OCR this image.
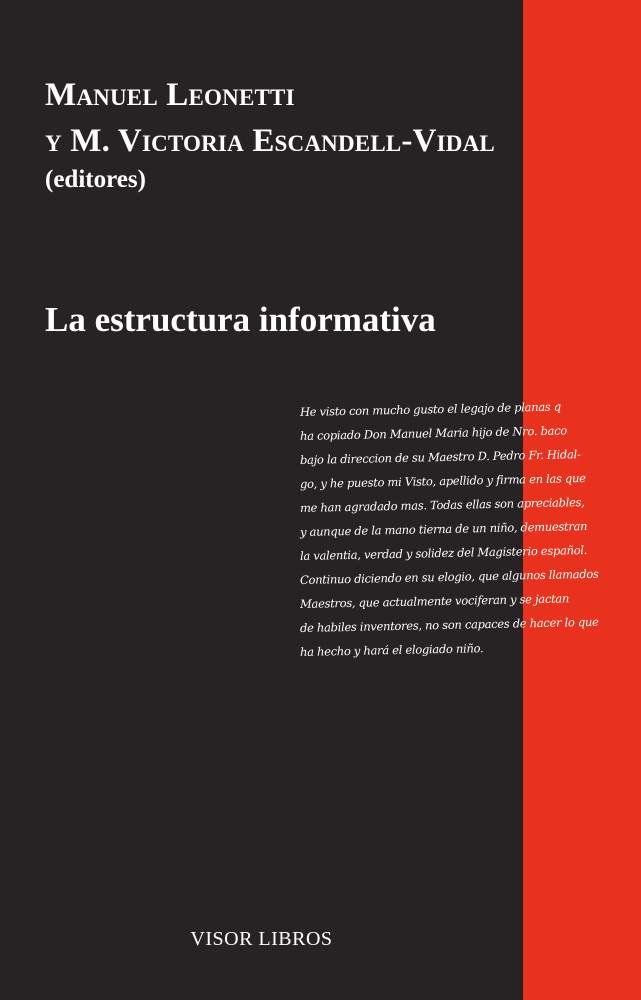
Manuel Leonetti
y M. Victoria Escandell-Vidal
(editores)
La estructura informativa
He visto con mucho gusto el legajo de planas q
ha copiado Don Manuel Maria hijo de Nro. baco
bajo la direccion de su Maestro D. Pedro Fr. Hidal-
go, y he puesto mi Visto, apellido y firma en las que
me han agradado mas. Todas ellas son apreciables,
y aunque de la mano tierna de un niño, demuestran
la valentia, verdad y solidez del Magisterio español.
Continuo diciendo en su elogio, que algunos llamados
Maestros, que actualmente vociferan y se jactan
de habiles inventores, no son capaces de hacer lo que
ha hecho y hará el elogiado niño.
VISOR LIBROS
